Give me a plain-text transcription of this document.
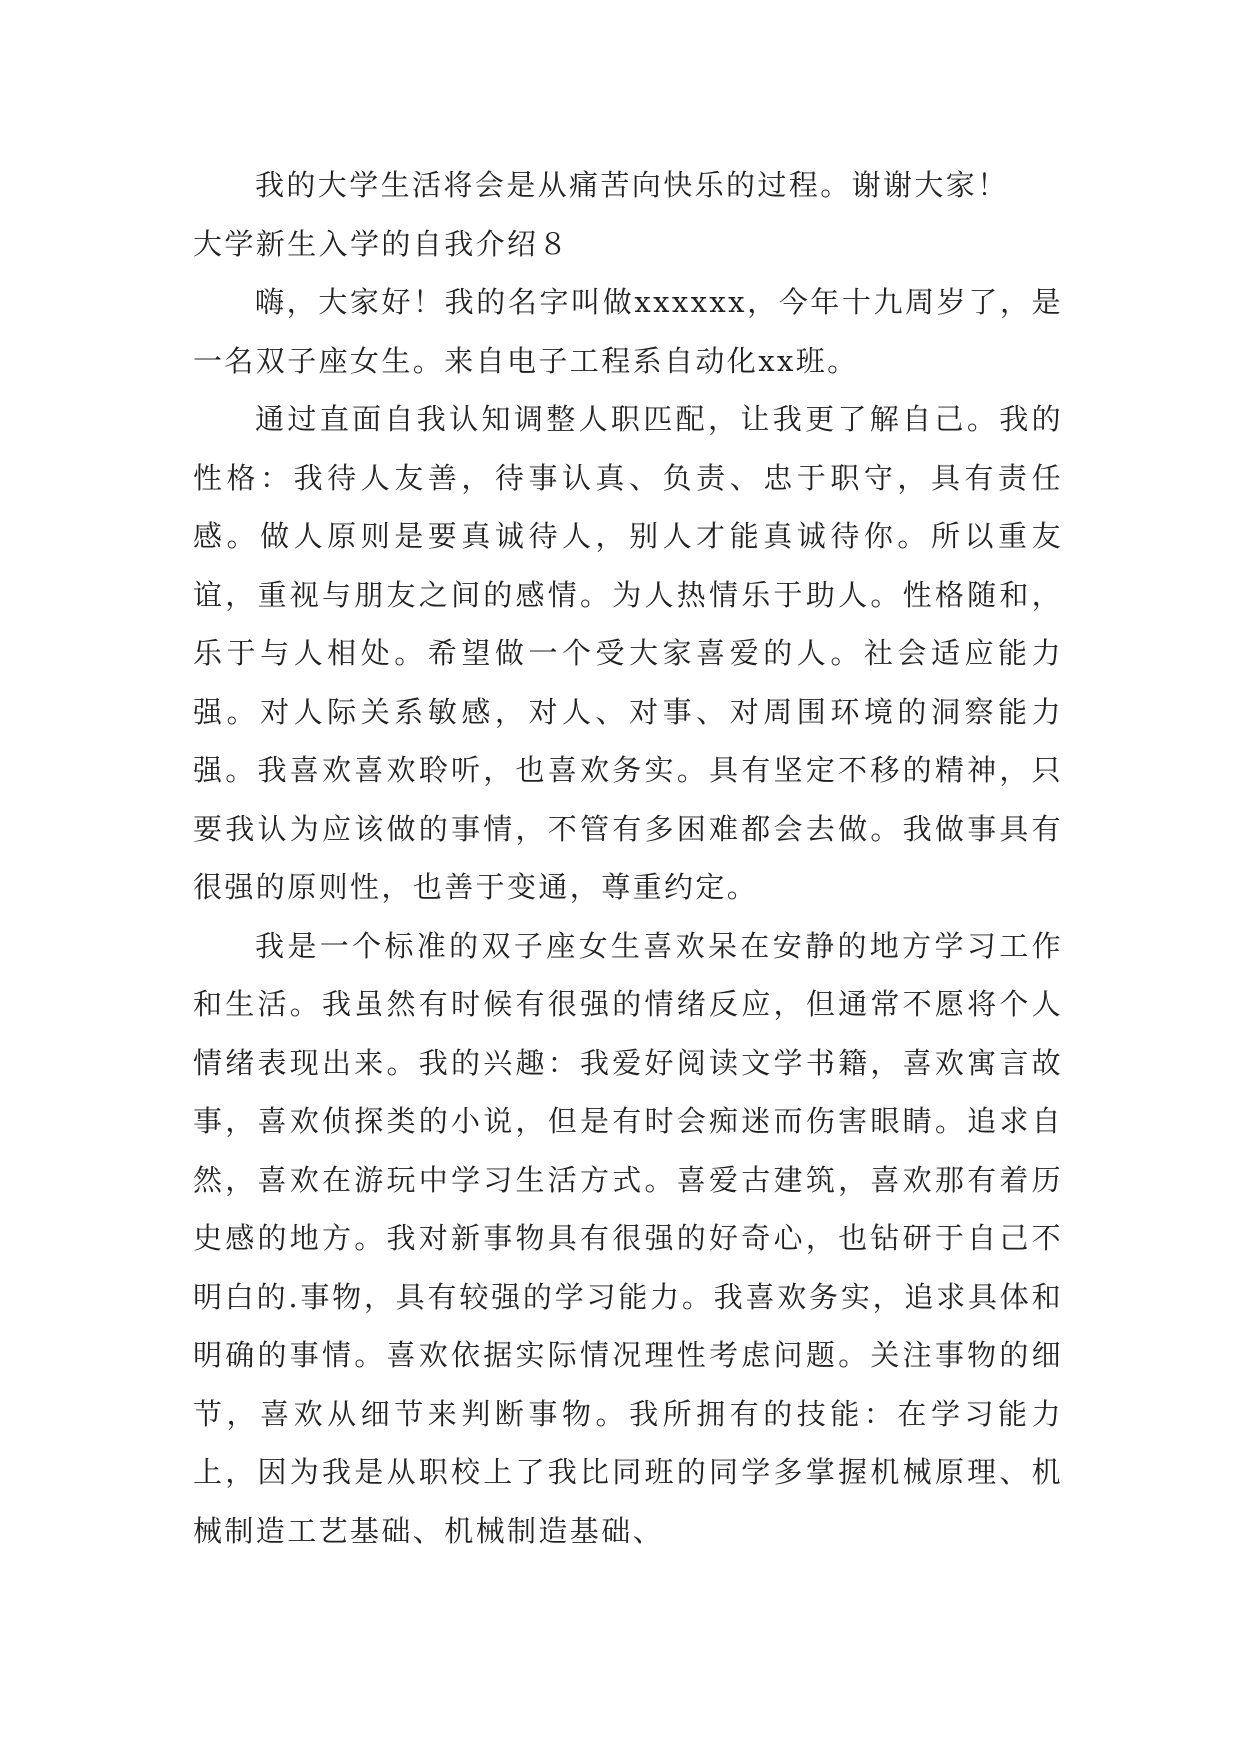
我的大学生活将会是从痛苦向快乐的过程。谢谢大家！

大学新生入学的自我介绍８

嗨，大家好！我的名字叫做xxxxxx，今年十九周岁了，是一名双子座女生。来自电子工程系自动化xx班。

通过直面自我认知调整人职匹配，让我更了解自己。我的性格：我待人友善，待事认真、负责、忠于职守，具有责任感。做人原则是要真诚待人，别人才能真诚待你。所以重友谊，重视与朋友之间的感情。为人热情乐于助人。性格随和，乐于与人相处。希望做一个受大家喜爱的人。社会适应能力强。对人际关系敏感，对人、对事、对周围环境的洞察能力强。我喜欢喜欢聆听，也喜欢务实。具有坚定不移的精神，只要我认为应该做的事情，不管有多困难都会去做。我做事具有很强的原则性，也善于变通，尊重约定。

我是一个标准的双子座女生喜欢呆在安静的地方学习工作和生活。我虽然有时候有很强的情绪反应，但通常不愿将个人情绪表现出来。我的兴趣：我爱好阅读文学书籍，喜欢寓言故事，喜欢侦探类的小说，但是有时会痴迷而伤害眼睛。追求自然，喜欢在游玩中学习生活方式。喜爱古建筑，喜欢那有着历史感的地方。我对新事物具有很强的好奇心，也钻研于自己不明白的.事物，具有较强的学习能力。我喜欢务实，追求具体和明确的事情。喜欢依据实际情况理性考虑问题。关注事物的细节，喜欢从细节来判断事物。我所拥有的技能：在学习能力上，因为我是从职校上了我比同班的同学多掌握机械原理、机械制造工艺基础、机械制造基础、
